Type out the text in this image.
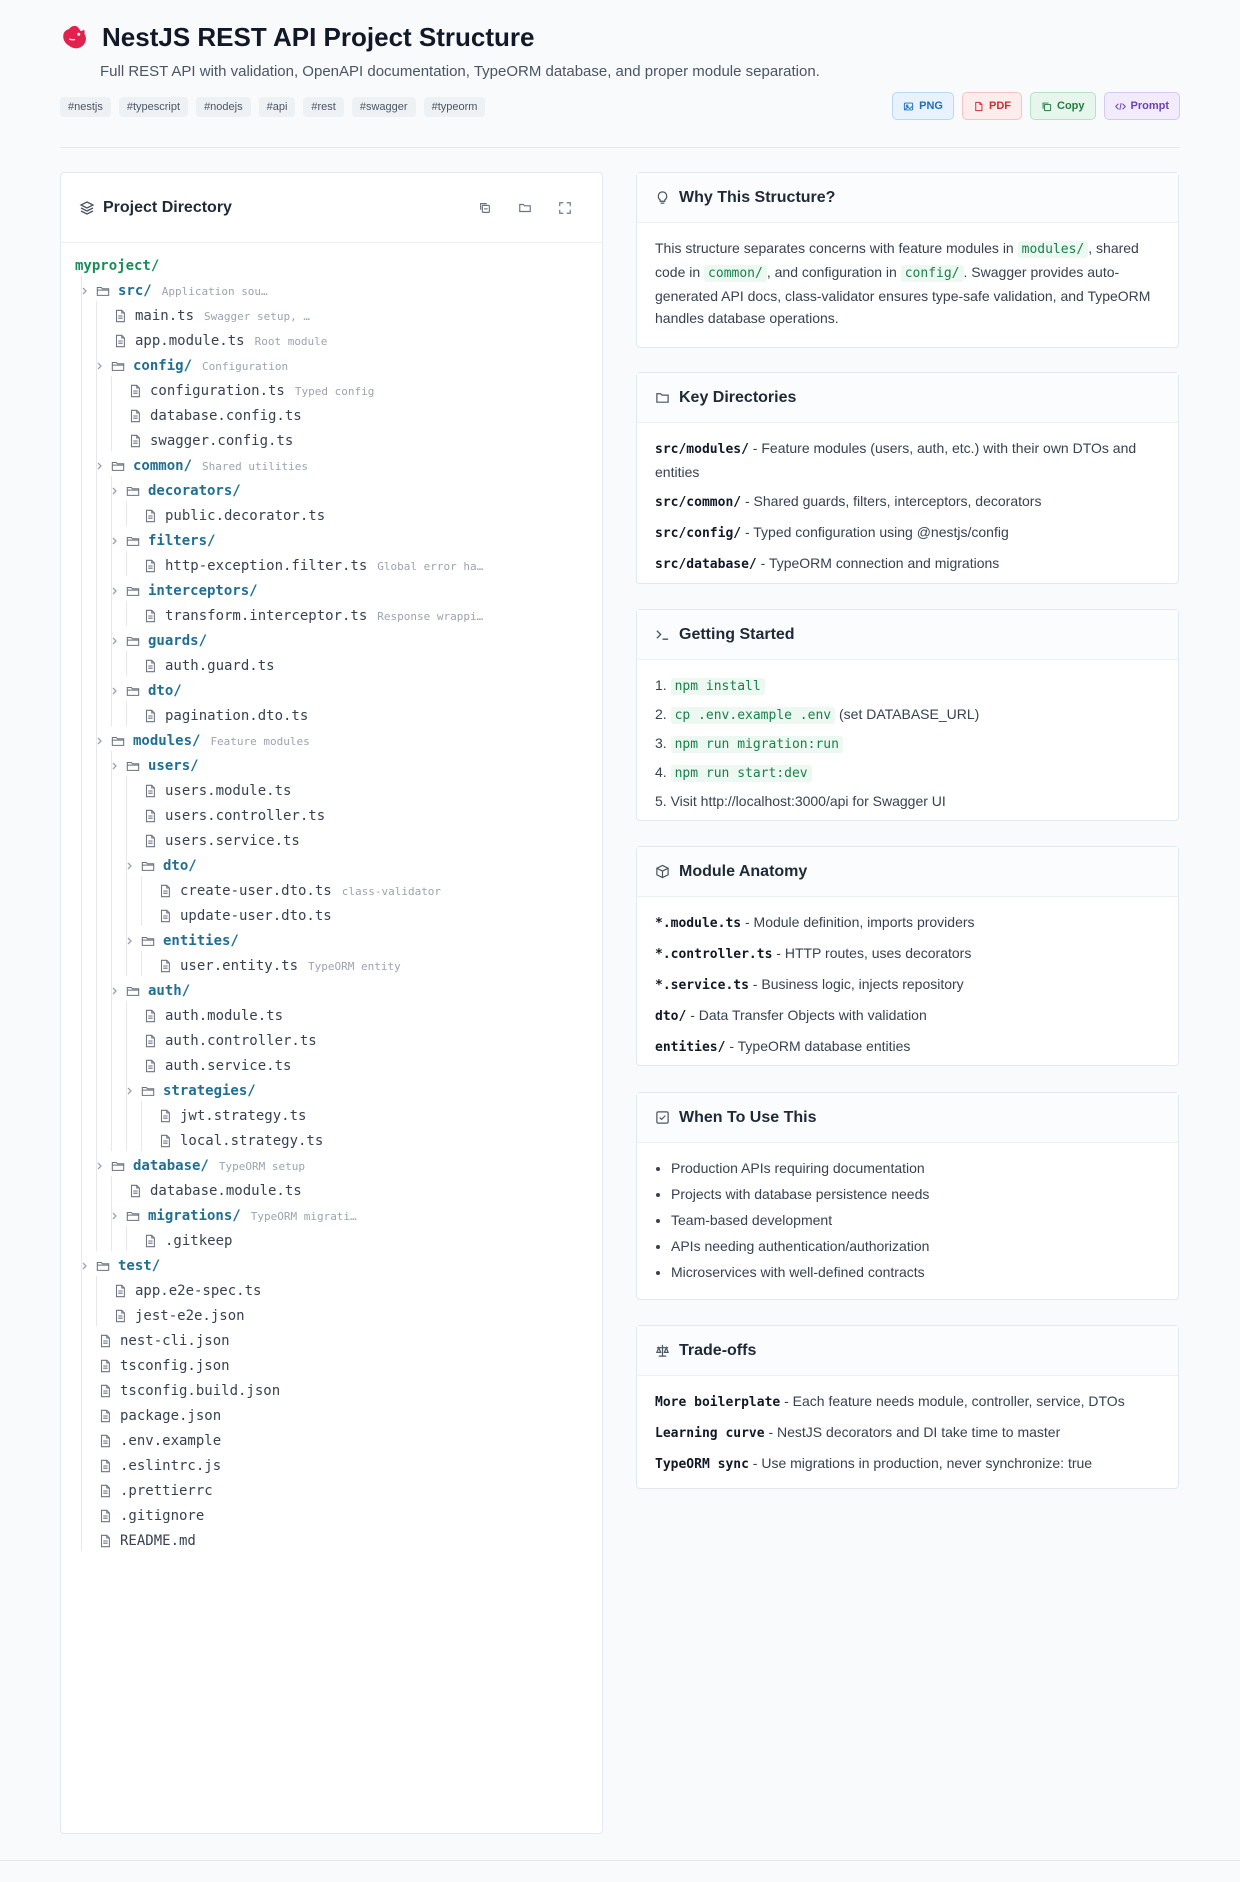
NestJS REST API Project Structure

Full REST API with validation, OpenAPI documentation, TypeORM database, and proper module separation.

#nestjs	#typescript	#nodejs	#api	#rest	#swagger	#typeorm	PNG	PDF	Copy	Prompt
Project Directory
myproject/
src/ Application sou…
main.ts Swagger setup, …
app.module.ts Root module
config/ Configuration
configuration.ts Typed config
database.config.ts
swagger.config.ts
common/ Shared utilities
decorators/
public.decorator.ts
filters/
http-exception.filter.ts Global error ha…
interceptors/
transform.interceptor.ts Response wrappi…
guards/
auth.guard.ts
dto/
pagination.dto.ts
modules/ Feature modules
users/
users.module.ts
users.controller.ts
users.service.ts
dto/
create-user.dto.ts class-validator
update-user.dto.ts
entities/
user.entity.ts TypeORM entity
auth/
auth.module.ts
auth.controller.ts
auth.service.ts
strategies/
jwt.strategy.ts
local.strategy.ts
database/ TypeORM setup
database.module.ts
migrations/ TypeORM migrati…
.gitkeep
test/
app.e2e-spec.ts
jest-e2e.json
nest-cli.json
tsconfig.json
tsconfig.build.json
package.json
.env.example
.eslintrc.js
.prettierrc
.gitignore
README.md
Why This Structure?
This structure separates concerns with feature modules in modules/ , shared code in common/ , and configuration in config/ . Swagger provides auto-generated API docs, class-validator ensures type-safe validation, and TypeORM handles database operations.
Key Directories
src/modules/ - Feature modules (users, auth, etc.) with their own DTOs and entities
src/common/ - Shared guards, filters, interceptors, decorators
src/config/ - Typed configuration using @nestjs/config
src/database/ - TypeORM connection and migrations
Getting Started
1. npm install
2. cp .env.example .env (set DATABASE_URL)
3. npm run migration:run
4. npm run start:dev
5. Visit http://localhost:3000/api for Swagger UI
Module Anatomy
*.module.ts - Module definition, imports providers
*.controller.ts - HTTP routes, uses decorators
*.service.ts - Business logic, injects repository
dto/ - Data Transfer Objects with validation
entities/ - TypeORM database entities
When To Use This
• Production APIs requiring documentation
• Projects with database persistence needs
• Team-based development
• APIs needing authentication/authorization
• Microservices with well-defined contracts
Trade-offs
More boilerplate - Each feature needs module, controller, service, DTOs
Learning curve - NestJS decorators and DI take time to master
TypeORM sync - Use migrations in production, never synchronize: true
